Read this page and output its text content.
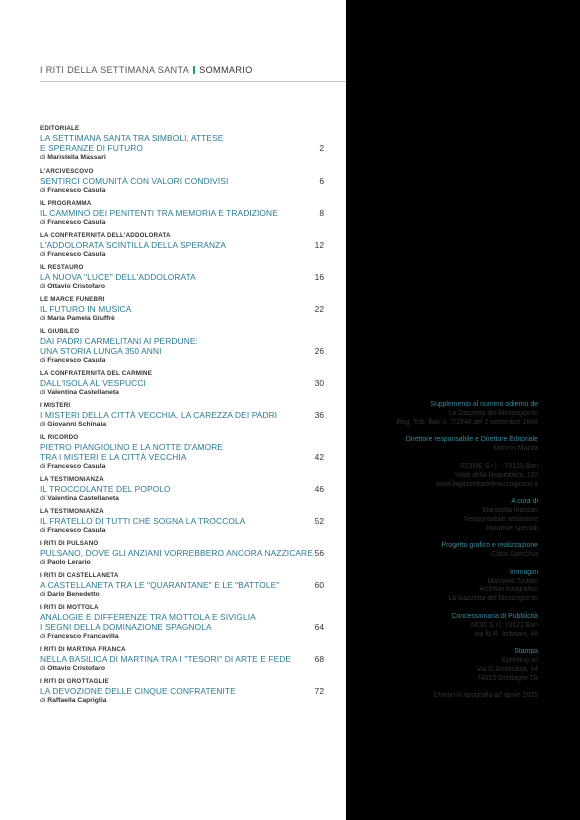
I RITI DELLA SETTIMANA SANTA SOMMARIO
EDITORIALE
LA SETTIMANA SANTA TRA SIMBOLI, ATTESE
E SPERANZE DI FUTURO
di Maristella Massari
2
L'ARCIVESCOVO
SENTIRCI COMUNITÀ CON VALORI CONDIVISI
di Francesco Casula
6
IL PROGRAMMA
IL CAMMINO DEI PENITENTI TRA MEMORIA E TRADIZIONE
di Francesco Casula
8
LA CONFRATERNITA DELL'ADDOLORATA
L'ADDOLORATA SCINTILLA DELLA SPERANZA
di Francesco Casula
12
IL RESTAURO
LA NUOVA "LUCE" DELL'ADDOLORATA
di Ottavio Cristofaro
16
LE MARCE FUNEBRI
IL FUTURO IN MUSICA
di Maria Pamela Giuffrè
22
IL GIUBILEO
DAI PADRI CARMELITANI AI PERDUNE:
UNA STORIA LUNGA 350 ANNI
di Francesco Casula
26
LA CONFRATERNITA DEL CARMINE
DALL'ISOLA AL VESPUCCI
di Valentina Castellaneta
30
I MISTERI
I MISTERI DELLA CITTÀ VECCHIA, LA CAREZZA DEI PADRI
di Giovanni Schinaia
36
IL RICORDO
PIETRO PIANGIOLINO E LA NOTTE D'AMORE
TRA I MISTERI E LA CITTÀ VECCHIA
di Francesco Casula
42
LA TESTIMONIANZA
IL TROCCOLANTE DEL POPOLO
di Valentina Castellaneta
46
LA TESTIMONIANZA
IL FRATELLO DI TUTTI CHE SOGNA LA TROCCOLA
di Francesco Casula
52
I RITI DI PULSANO
PULSANO, DOVE GLI ANZIANI VORREBBERO ANCORA NAZZICARE
di Paolo Lerario
56
I RITI DI CASTELLANETA
A CASTELLANETA TRA LE "QUARANTANE" E LE "BATTOLE"
di Dario Benedetto
60
I RITI DI MOTTOLA
ANALOGIE E DIFFERENZE TRA MOTTOLA E SIVIGLIA
I SEGNI DELLA DOMINAZIONE SPAGNOLA
di Francesco Francavilla
64
I RITI DI MARTINA FRANCA
NELLA BASILICA DI MARTINA TRA I "TESORI" DI ARTE E FEDE
di Ottavio Cristofaro
68
I RITI DI GROTTAGLIE
LA DEVOZIONE DELLE CINQUE CONFRATENITE
di Raffaella Capriglia
72
Supplemento al numero odierno de
La Gazzetta del Mezzogiorno
Reg. Trib. Bari n. 7/1948 del 2 settembre 1948
Direttore responsabile e Direttore Editoriale
Mimmo Mazza
EDIME S.r.l. - 70125 Bari
Viale della Repubblica, 110
www.lagazzettadelmezzogiorno.it
A cura di
Maristella Massari
Responsabile redazione
Iniziative speciali
Progetto grafico e realizzazione
Clara Specchia
Immagini
Massimo Todaro
Archivio fotografico
La Gazzetta del Mezzogiorno
Concessionaria di Pubblicità
MDG S.r.l. 70121 Bari
via M.R. Imbriani, 48
Stampa
Eprinting srl
Via G.Amendola, 14
74023 Grottaglie TA
Chiuso in tipografia ad aprile 2025
